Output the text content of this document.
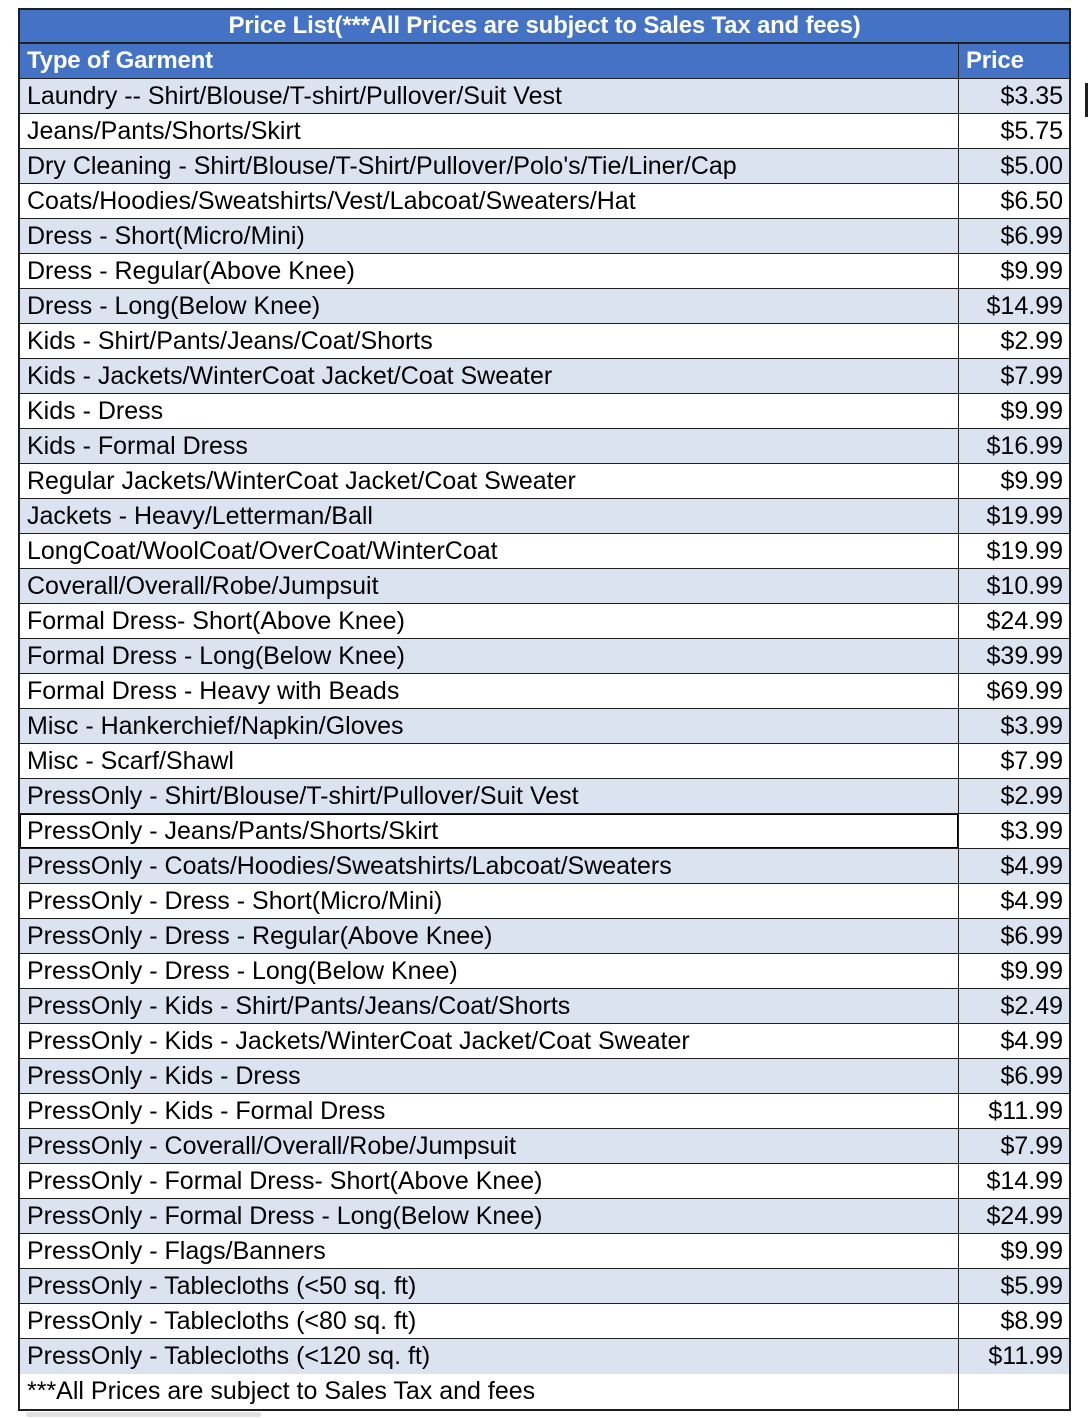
Price List(***All Prices are subject to Sales Tax and fees)
Type of Garment	Price
Laundry -- Shirt/Blouse/T-shirt/Pullover/Suit Vest	$3.35
Jeans/Pants/Shorts/Skirt	$5.75
Dry Cleaning - Shirt/Blouse/T-Shirt/Pullover/Polo's/Tie/Liner/Cap	$5.00
Coats/Hoodies/Sweatshirts/Vest/Labcoat/Sweaters/Hat	$6.50
Dress - Short(Micro/Mini)	$6.99
Dress - Regular(Above Knee)	$9.99
Dress - Long(Below Knee)	$14.99
Kids - Shirt/Pants/Jeans/Coat/Shorts	$2.99
Kids - Jackets/WinterCoat Jacket/Coat Sweater	$7.99
Kids - Dress	$9.99
Kids - Formal Dress	$16.99
Regular Jackets/WinterCoat Jacket/Coat Sweater	$9.99
Jackets - Heavy/Letterman/Ball	$19.99
LongCoat/WoolCoat/OverCoat/WinterCoat	$19.99
Coverall/Overall/Robe/Jumpsuit	$10.99
Formal Dress- Short(Above Knee)	$24.99
Formal Dress - Long(Below Knee)	$39.99
Formal Dress - Heavy with Beads	$69.99
Misc - Hankerchief/Napkin/Gloves	$3.99
Misc - Scarf/Shawl	$7.99
PressOnly - Shirt/Blouse/T-shirt/Pullover/Suit Vest	$2.99
PressOnly - Jeans/Pants/Shorts/Skirt	$3.99
PressOnly - Coats/Hoodies/Sweatshirts/Labcoat/Sweaters	$4.99
PressOnly - Dress - Short(Micro/Mini)	$4.99
PressOnly - Dress - Regular(Above Knee)	$6.99
PressOnly - Dress - Long(Below Knee)	$9.99
PressOnly - Kids - Shirt/Pants/Jeans/Coat/Shorts	$2.49
PressOnly - Kids - Jackets/WinterCoat Jacket/Coat Sweater	$4.99
PressOnly - Kids - Dress	$6.99
PressOnly - Kids - Formal Dress	$11.99
PressOnly - Coverall/Overall/Robe/Jumpsuit	$7.99
PressOnly - Formal Dress- Short(Above Knee)	$14.99
PressOnly - Formal Dress - Long(Below Knee)	$24.99
PressOnly - Flags/Banners	$9.99
PressOnly - Tablecloths (<50 sq. ft)	$5.99
PressOnly - Tablecloths (<80 sq. ft)	$8.99
PressOnly - Tablecloths (<120 sq. ft)	$11.99
***All Prices are subject to Sales Tax and fees
